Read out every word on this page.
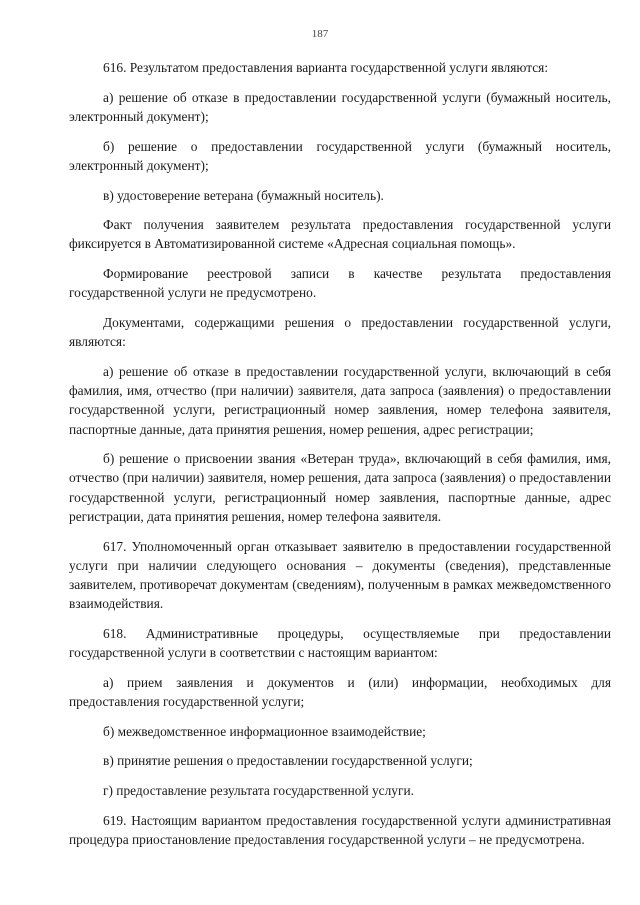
187

616. Результатом предоставления варианта государственной услуги являются:

а) решение об отказе в предоставлении государственной услуги (бумажный носитель, электронный документ);

б) решение о предоставлении государственной услуги (бумажный носитель, электронный документ);

в) удостоверение ветерана (бумажный носитель).

Факт получения заявителем результата предоставления государственной услуги фиксируется в Автоматизированной системе «Адресная социальная помощь».

Формирование реестровой записи в качестве результата предоставления государственной услуги не предусмотрено.

Документами, содержащими решения о предоставлении государственной услуги, являются:

а) решение об отказе в предоставлении государственной услуги, включающий в себя фамилия, имя, отчество (при наличии) заявителя, дата запроса (заявления) о предоставлении государственной услуги, регистрационный номер заявления, номер телефона заявителя, паспортные данные, дата принятия решения, номер решения, адрес регистрации;

б) решение о присвоении звания «Ветеран труда», включающий в себя фамилия, имя, отчество (при наличии) заявителя, номер решения, дата запроса (заявления) о предоставлении государственной услуги, регистрационный номер заявления, паспортные данные, адрес регистрации, дата принятия решения, номер телефона заявителя.

617. Уполномоченный орган отказывает заявителю в предоставлении государственной услуги при наличии следующего основания – документы (сведения), представленные заявителем, противоречат документам (сведениям), полученным в рамках межведомственного взаимодействия.

618. Административные процедуры, осуществляемые при предоставлении государственной услуги в соответствии с настоящим вариантом:

а) прием заявления и документов и (или) информации, необходимых для предоставления государственной услуги;

б) межведомственное информационное взаимодействие;

в) принятие решения о предоставлении государственной услуги;

г) предоставление результата государственной услуги.

619. Настоящим вариантом предоставления государственной услуги административная процедура приостановление предоставления государственной услуги – не предусмотрена.
